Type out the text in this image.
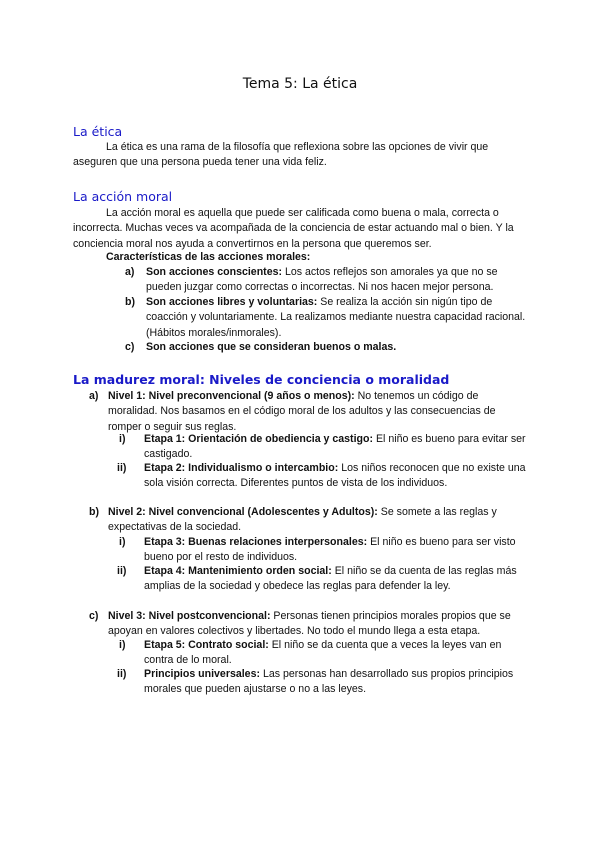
Tema 5: La ética
La ética

La ética es una rama de la filosofía que reflexiona sobre las opciones de vivir que aseguren que una persona pueda tener una vida feliz.

La acción moral

La acción moral es aquella que puede ser calificada como buena o mala, correcta o incorrecta. Muchas veces va acompañada de la conciencia de estar actuando mal o bien. Y la conciencia moral nos ayuda a convertirnos en la persona que queremos ser.

Características de las acciones morales:
a) Son acciones conscientes: Los actos reflejos son amorales ya que no se pueden juzgar como correctas o incorrectas. Ni nos hacen mejor persona.

b) Son acciones libres y voluntarias: Se realiza la acción sin nigún tipo de coacción y voluntariamente. La realizamos mediante nuestra capacidad racional. (Hábitos morales/inmorales).

c) Son acciones que se consideran buenos o malas.

La madurez moral: Niveles de conciencia o moralidad
a) Nivel 1: Nivel preconvencional (9 años o menos): No tenemos un código de moralidad. Nos basamos en el código moral de los adultos y las consecuencias de romper o seguir sus reglas.

i) Etapa 1: Orientación de obediencia y castigo: El niño es bueno para evitar ser castigado.

ii) Etapa 2: Individualismo o intercambio: Los niños reconocen que no existe una sola visión correcta. Diferentes puntos de vista de los individuos.

b) Nivel 2: Nivel convencional (Adolescentes y Adultos): Se somete a las reglas y expectativas de la sociedad.

i) Etapa 3: Buenas relaciones interpersonales: El niño es bueno para ser visto bueno por el resto de individuos.

ii) Etapa 4: Mantenimiento orden social: El niño se da cuenta de las reglas más amplias de la sociedad y obedece las reglas para defender la ley.

c) Nivel 3: Nivel postconvencional: Personas tienen principios morales propios que se apoyan en valores colectivos y libertades. No todo el mundo llega a esta etapa.

i) Etapa 5: Contrato social: El niño se da cuenta que a veces la leyes van en contra de lo moral.

ii) Principios universales: Las personas han desarrollado sus propios principios morales que pueden ajustarse o no a las leyes.
